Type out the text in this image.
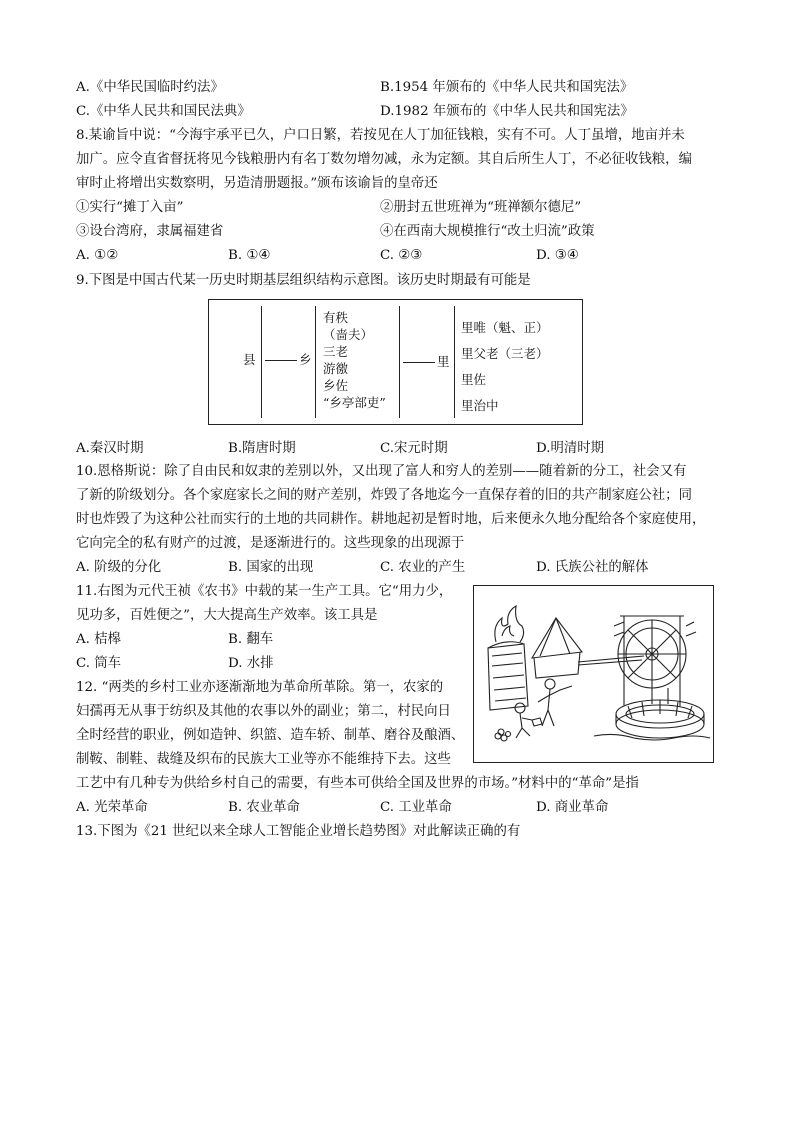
A.《中华民国临时约法》	B.1954 年颁布的《中华人民共和国宪法》
C.《中华人民共和国民法典》	D.1982 年颁布的《中华人民共和国宪法》
8.某谕旨中说：“今海宇承平已久，户口日繁，若按见在人丁加征钱粮，实有不可。人丁虽增，地亩并未
加广。应令直省督抚将见今钱粮册内有名丁数勿增勿减，永为定额。其自后所生人丁，不必征收钱粮，编
审时止将增出实数察明，另造清册题报。”颁布该谕旨的皇帝还
①实行“摊丁入亩”	②册封五世班禅为“班禅额尔德尼”
③设台湾府，隶属福建省	④在西南大规模推行“改土归流”政策
A. ①②	B. ①④	C. ②③	D. ③④
9.下图是中国古代某一历史时期基层组织结构示意图。该历史时期最有可能是
县	乡
有秩
（啬夫）
三老
游徼
乡佐
“乡亭部吏”
里
里唯（魁、正）
里父老（三老）
里佐
里治中
A.秦汉时期	B.隋唐时期	C.宋元时期	D.明清时期
10.恩格斯说：除了自由民和奴隶的差别以外，又出现了富人和穷人的差别——随着新的分工，社会又有
了新的阶级划分。各个家庭家长之间的财产差别，炸毁了各地迄今一直保存着的旧的共产制家庭公社；同
时也炸毁了为这种公社而实行的土地的共同耕作。耕地起初是暂时地，后来便永久地分配给各个家庭使用，
它向完全的私有财产的过渡，是逐渐进行的。这些现象的出现源于
A. 阶级的分化	B. 国家的出现	C. 农业的产生	D. 氏族公社的解体
11.右图为元代王祯《农书》中载的某一生产工具。它“用力少，
见功多，百姓便之”，大大提高生产效率。该工具是
A. 桔槔	B. 翻车
C. 筒车	D. 水排
12. “两类的乡村工业亦逐渐渐地为革命所革除。第一，农家的
妇孺再无从事于纺织及其他的农事以外的副业；第二，村民向日
全时经营的职业，例如造钟、织篮、造车轿、制革、磨谷及酿酒、
制鞍、制鞋、裁缝及织布的民族大工业等亦不能维持下去。这些
工艺中有几种专为供给乡村自己的需要，有些本可供给全国及世界的市场。”材料中的“革命”是指
A. 光荣革命	B. 农业革命	C. 工业革命	D. 商业革命
13.下图为《21 世纪以来全球人工智能企业增长趋势图》对此解读正确的有
